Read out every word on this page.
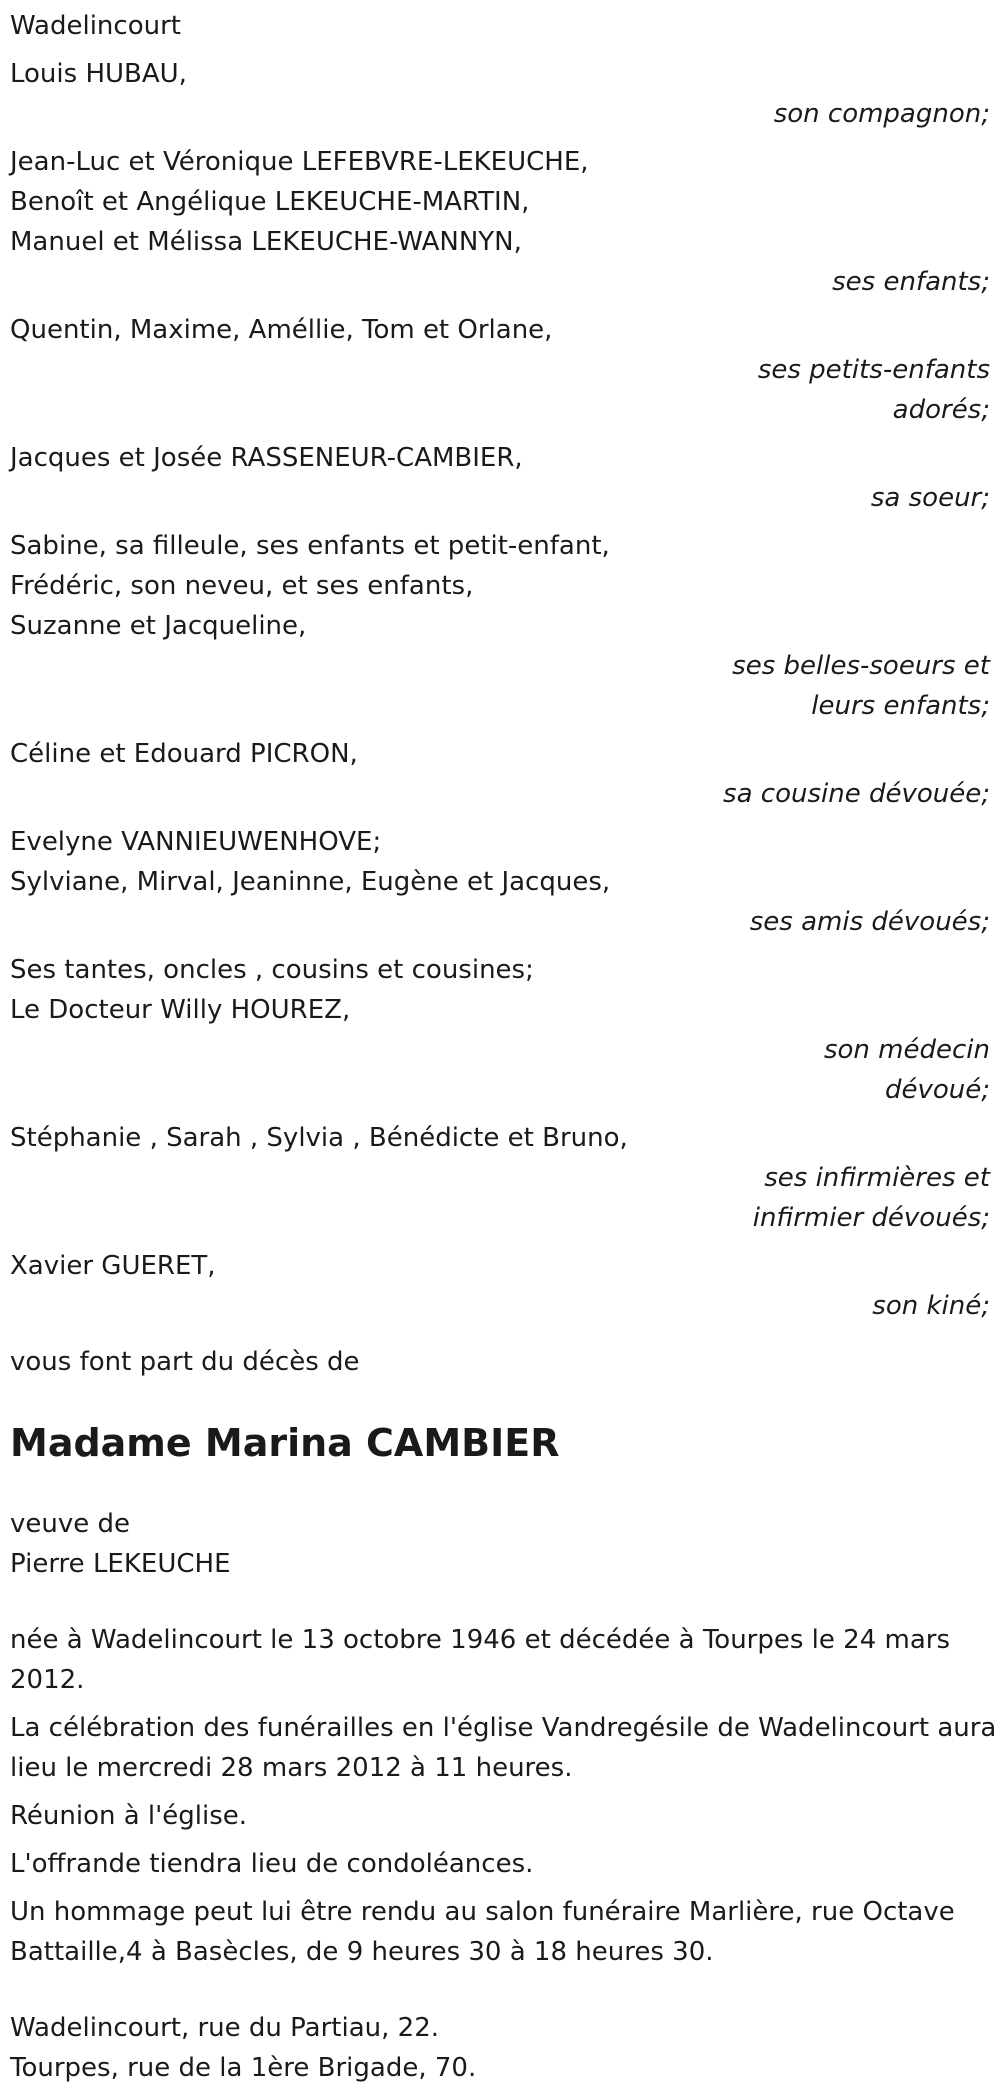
Wadelincourt
Louis HUBAU,
son compagnon;
Jean-Luc et Véronique LEFEBVRE-LEKEUCHE,
Benoît et Angélique LEKEUCHE-MARTIN,
Manuel et Mélissa LEKEUCHE-WANNYN,
ses enfants;
Quentin, Maxime, Améllie, Tom et Orlane,
ses petits-enfants
adorés;
Jacques et Josée RASSENEUR-CAMBIER,
sa soeur;
Sabine, sa filleule, ses enfants et petit-enfant,
Frédéric, son neveu, et ses enfants,
Suzanne et Jacqueline,
ses belles-soeurs et
leurs enfants;
Céline et Edouard PICRON,
sa cousine dévouée;
Evelyne VANNIEUWENHOVE;
Sylviane, Mirval, Jeaninne, Eugène et Jacques,
ses amis dévoués;
Ses tantes, oncles , cousins et cousines;
Le Docteur Willy HOUREZ,
son médecin
dévoué;
Stéphanie , Sarah , Sylvia , Bénédicte et Bruno,
ses infirmières et
infirmier dévoués;
Xavier GUERET,
son kiné;
vous font part du décès de
Madame Marina CAMBIER
veuve de
Pierre LEKEUCHE
née à Wadelincourt le 13 octobre 1946 et décédée à Tourpes le 24 mars 2012.
La célébration des funérailles en l'église Vandregésile de Wadelincourt aura lieu le mercredi 28 mars 2012 à 11 heures.
Réunion à l'église.
L'offrande tiendra lieu de condoléances.
Un hommage peut lui être rendu au salon funéraire Marlière, rue Octave Battaille,4 à Basècles, de 9 heures 30 à 18 heures 30.
Wadelincourt, rue du Partiau, 22.
Tourpes, rue de la 1ère Brigade, 70.
